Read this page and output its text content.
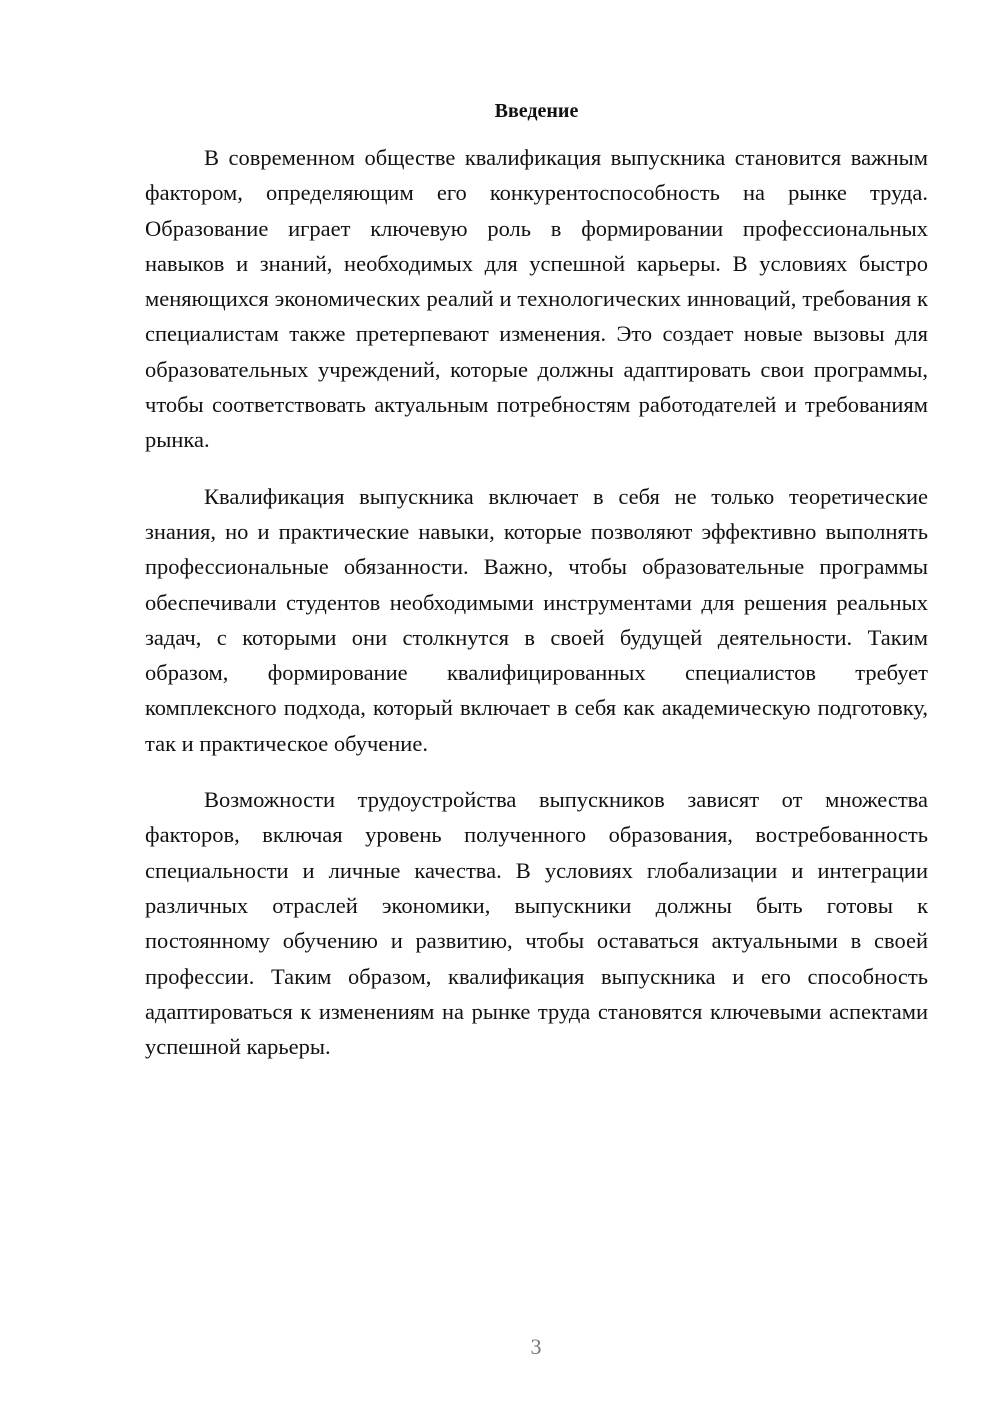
Введение

В современном обществе квалификация выпускника становится важным фактором, определяющим его конкурентоспособность на рынке труда. Образование играет ключевую роль в формировании профессиональных навыков и знаний, необходимых для успешной карьеры. В условиях быстро меняющихся экономических реалий и технологических инноваций, требования к специалистам также претерпевают изменения. Это создает новые вызовы для образовательных учреждений, которые должны адаптировать свои программы, чтобы соответствовать актуальным потребностям работодателей и требованиям рынка.

Квалификация выпускника включает в себя не только теоретические знания, но и практические навыки, которые позволяют эффективно выполнять профессиональные обязанности. Важно, чтобы образовательные программы обеспечивали студентов необходимыми инструментами для решения реальных задач, с которыми они столкнутся в своей будущей деятельности. Таким образом, формирование квалифицированных специалистов требует комплексного подхода, который включает в себя как академическую подготовку, так и практическое обучение.

Возможности трудоустройства выпускников зависят от множества факторов, включая уровень полученного образования, востребованность специальности и личные качества. В условиях глобализации и интеграции различных отраслей экономики, выпускники должны быть готовы к постоянному обучению и развитию, чтобы оставаться актуальными в своей профессии. Таким образом, квалификация выпускника и его способность адаптироваться к изменениям на рынке труда становятся ключевыми аспектами успешной карьеры.

3
